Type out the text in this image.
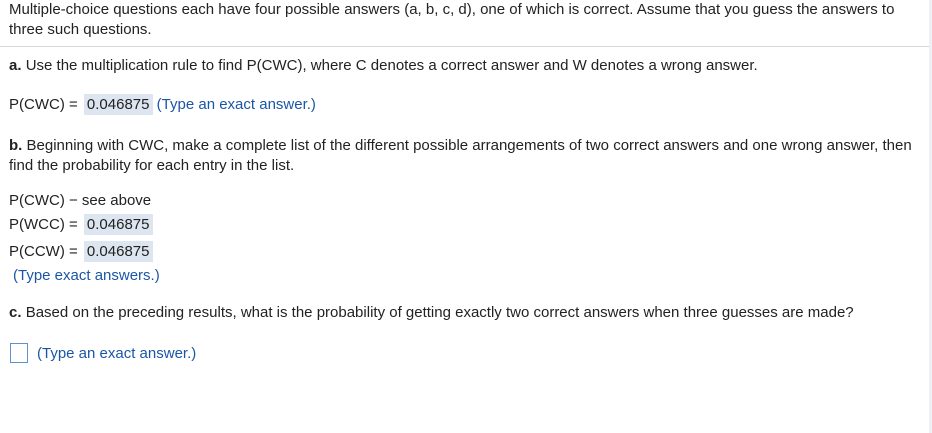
Multiple-choice questions each have four possible answers (a, b, c, d), one of which is correct. Assume that you guess the answers to three such questions.
a. Use the multiplication rule to find P(CWC), where C denotes a correct answer and W denotes a wrong answer.
P(CWC) = 0.046875 (Type an exact answer.)
b. Beginning with CWC, make a complete list of the different possible arrangements of two correct answers and one wrong answer, then find the probability for each entry in the list.
P(CWC) − see above
P(WCC) = 0.046875
P(CCW) = 0.046875
(Type exact answers.)
c. Based on the preceding results, what is the probability of getting exactly two correct answers when three guesses are made?
(Type an exact answer.)
